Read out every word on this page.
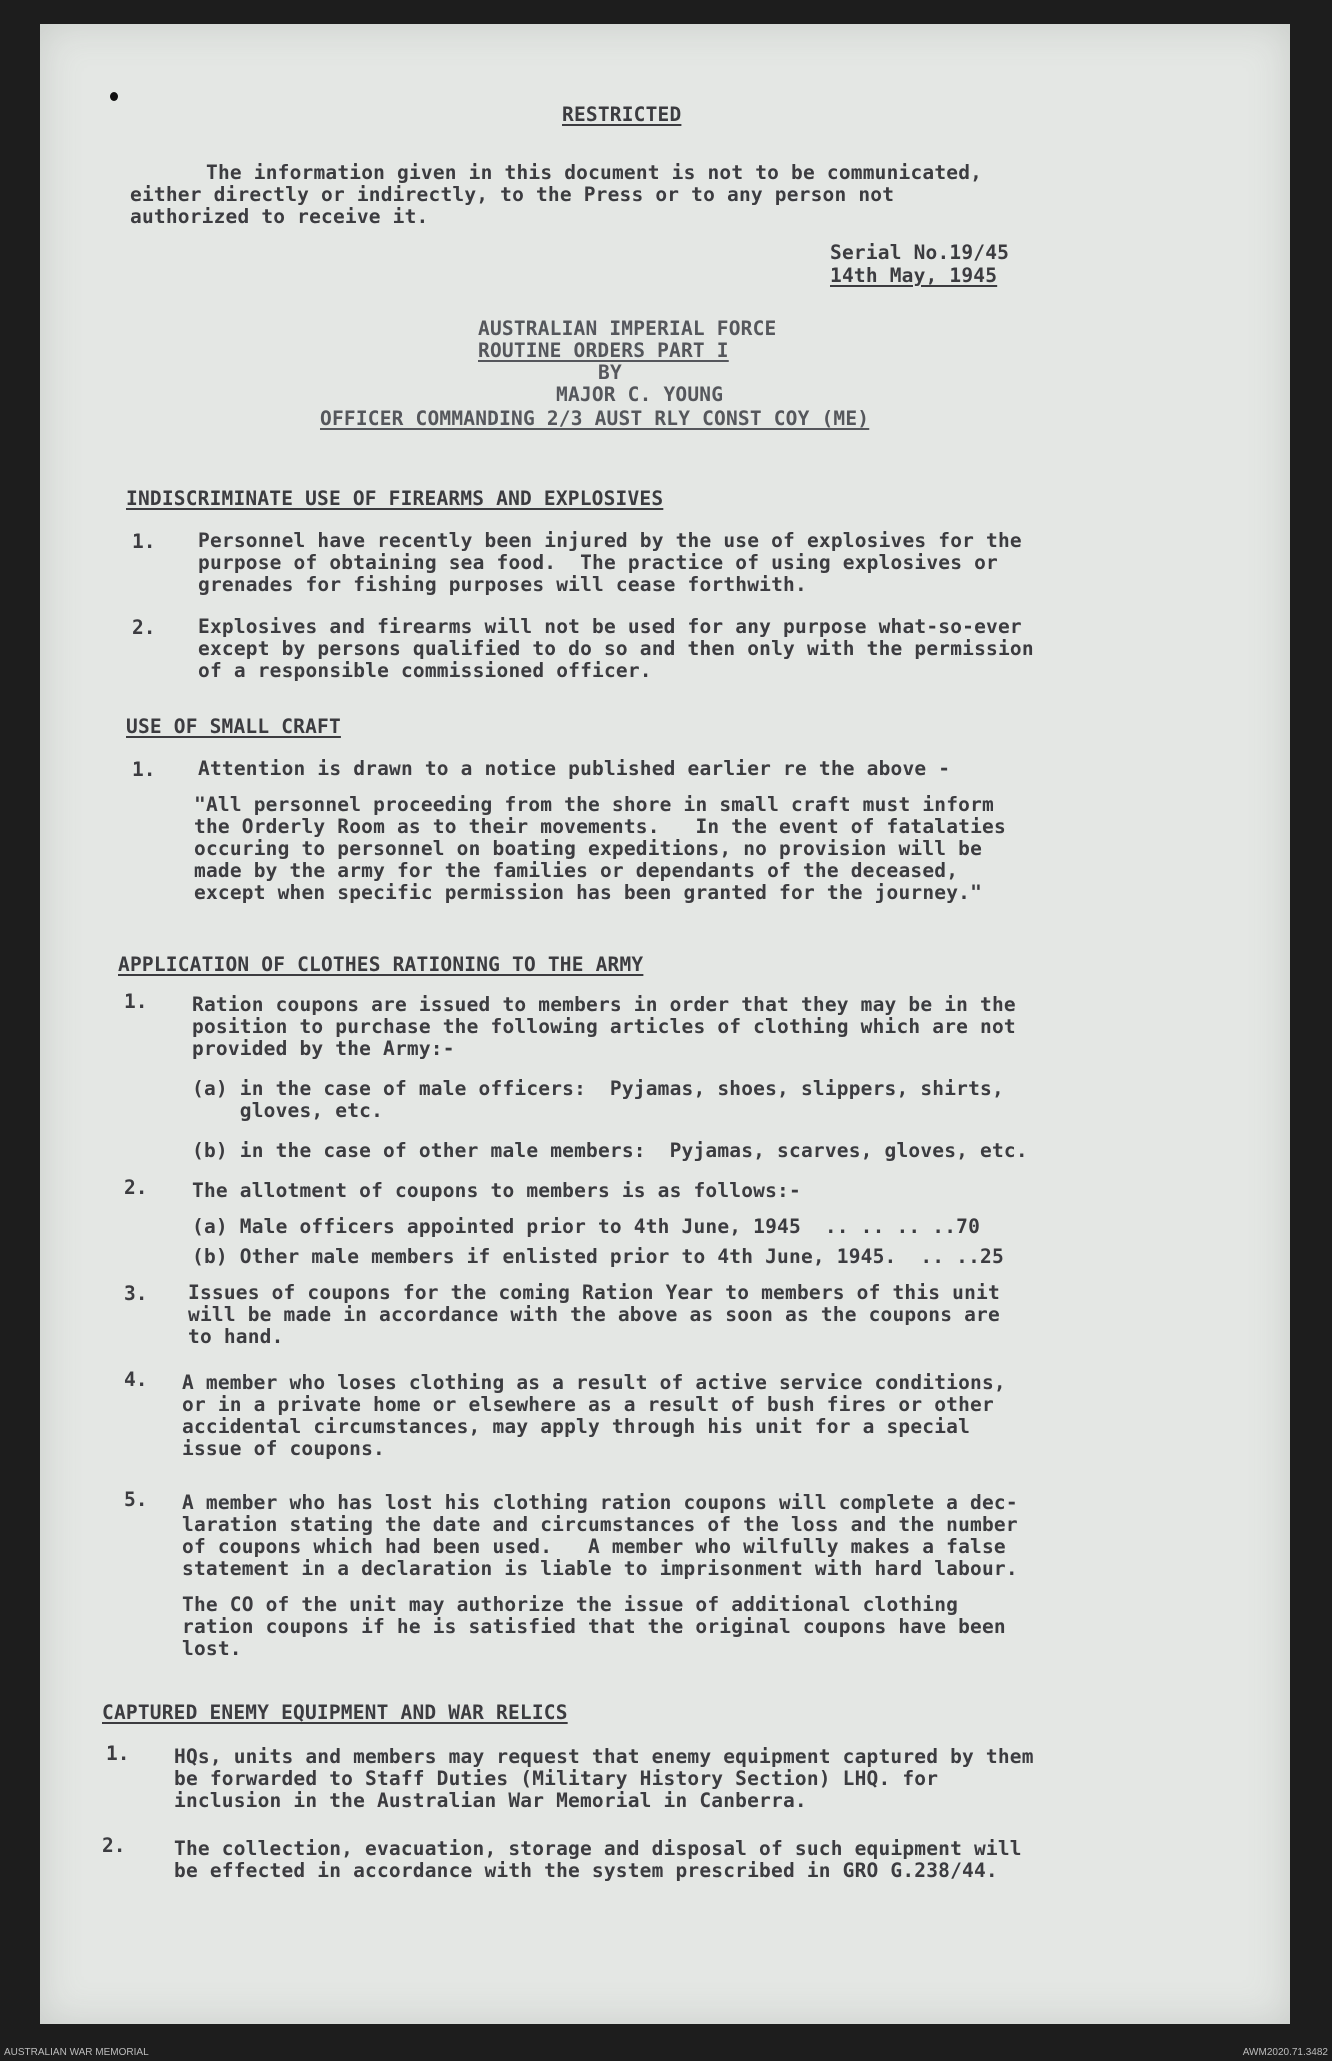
RESTRICTED
The information given in this document is not to be communicated,
either directly or indirectly, to the Press or to any person not
authorized to receive it.
Serial No.19/45
14th May, 1945
AUSTRALIAN IMPERIAL FORCE
ROUTINE ORDERS PART I
BY
MAJOR C. YOUNG
OFFICER COMMANDING 2/3 AUST RLY CONST COY (ME)
INDISCRIMINATE USE OF FIREARMS AND EXPLOSIVES
1. Personnel have recently been injured by the use of explosives for the
purpose of obtaining sea food.  The practice of using explosives or
grenades for fishing purposes will cease forthwith.
2. Explosives and firearms will not be used for any purpose what-so-ever
except by persons qualified to do so and then only with the permission
of a responsible commissioned officer.
USE OF SMALL CRAFT
1. Attention is drawn to a notice published earlier re the above -
"All personnel proceeding from the shore in small craft must inform
the Orderly Room as to their movements.   In the event of fatalaties
occuring to personnel on boating expeditions, no provision will be
made by the army for the families or dependants of the deceased,
except when specific permission has been granted for the journey."
APPLICATION OF CLOTHES RATIONING TO THE ARMY
1. Ration coupons are issued to members in order that they may be in the
position to purchase the following articles of clothing which are not
provided by the Army:-
(a) in the case of male officers:  Pyjamas, shoes, slippers, shirts,
gloves, etc.
(b) in the case of other male members:  Pyjamas, scarves, gloves, etc.
2. The allotment of coupons to members is as follows:-
(a) Male officers appointed prior to 4th June, 1945  .. .. .. ..70
(b) Other male members if enlisted prior to 4th June, 1945.  .. ..25
3. Issues of coupons for the coming Ration Year to members of this unit
will be made in accordance with the above as soon as the coupons are
to hand.
4. A member who loses clothing as a result of active service conditions,
or in a private home or elsewhere as a result of bush fires or other
accidental circumstances, may apply through his unit for a special
issue of coupons.
5. A member who has lost his clothing ration coupons will complete a dec-
laration stating the date and circumstances of the loss and the number
of coupons which had been used.   A member who wilfully makes a false
statement in a declaration is liable to imprisonment with hard labour.
The CO of the unit may authorize the issue of additional clothing
ration coupons if he is satisfied that the original coupons have been
lost.
CAPTURED ENEMY EQUIPMENT AND WAR RELICS
1. HQs, units and members may request that enemy equipment captured by them
be forwarded to Staff Duties (Military History Section) LHQ. for
inclusion in the Australian War Memorial in Canberra.
2. The collection, evacuation, storage and disposal of such equipment will
be effected in accordance with the system prescribed in GRO G.238/44.
AUSTRALIAN WAR MEMORIAL	AWM2020.71.3482
